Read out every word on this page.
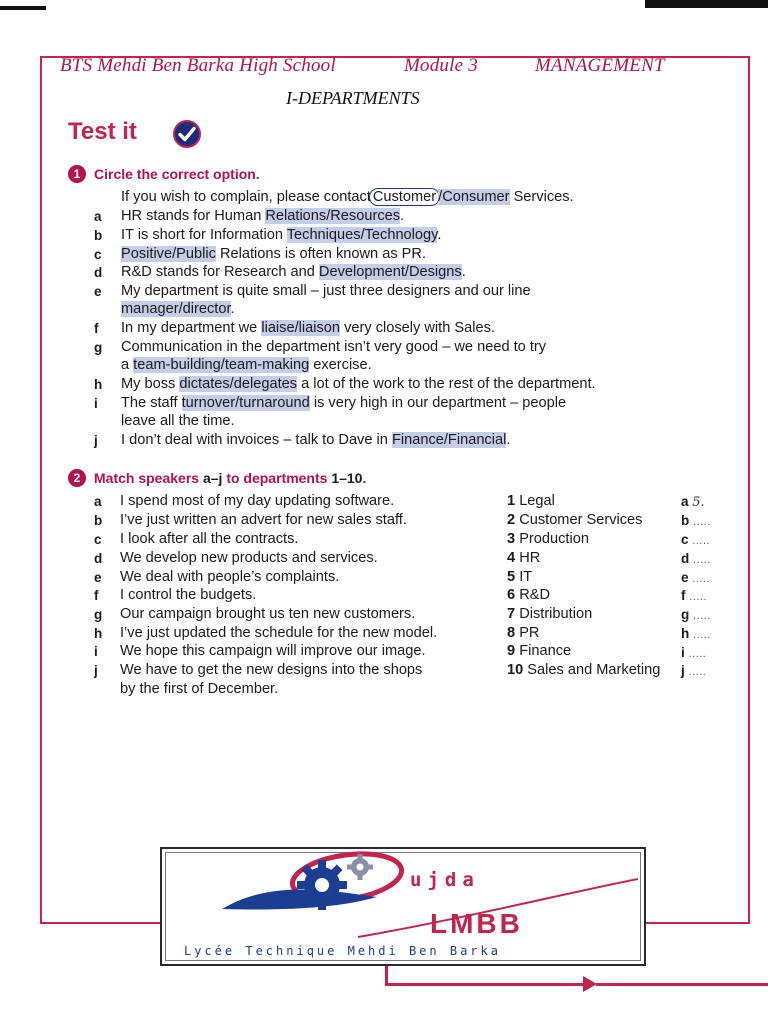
BTS Mehdi Ben Barka High School	Module 3	MANAGEMENT
I-DEPARTMENTS
Test it
1 Circle the correct option.
If you wish to complain, please contact Customer /Consumer Services.
a HR stands for Human Relations/Resources.
b IT is short for Information Techniques/Technology.
c Positive/Public Relations is often known as PR.
d R&D stands for Research and Development/Designs.
e My department is quite small – just three designers and our line
manager/director.
f In my department we liaise/liaison very closely with Sales.
g Communication in the department isn’t very good – we need to try
a team-building/team-making exercise.
h My boss dictates/delegates a lot of the work to the rest of the department.
i The staff turnover/turnaround is very high in our department – people
leave all the time.
j I don’t deal with invoices – talk to Dave in Finance/Financial.
2 Match speakers
a–j
to departments
1–10 .
a I spend most of my day updating software.
b I’ve just written an advert for new sales staff.
c I look after all the contracts.
d We develop new products and services.
e We deal with people’s complaints.
f I control the budgets.
g Our campaign brought us ten new customers.
h I’ve just updated the schedule for the new model.
i We hope this campaign will improve our image.
j We have to get the new designs into the shops
by the first of December.
1 Legal
2 Customer Services
3 Production
4 HR
5 IT
6 R&D
7 Distribution
8 PR
9 Finance
10 Sales and Marketing
a 5.
b .....
c .....
d .....
e .....
f .....
g .....
h .....
i .....
j .....
ujda
LMBB
Lycée Technique Mehdi Ben Barka
